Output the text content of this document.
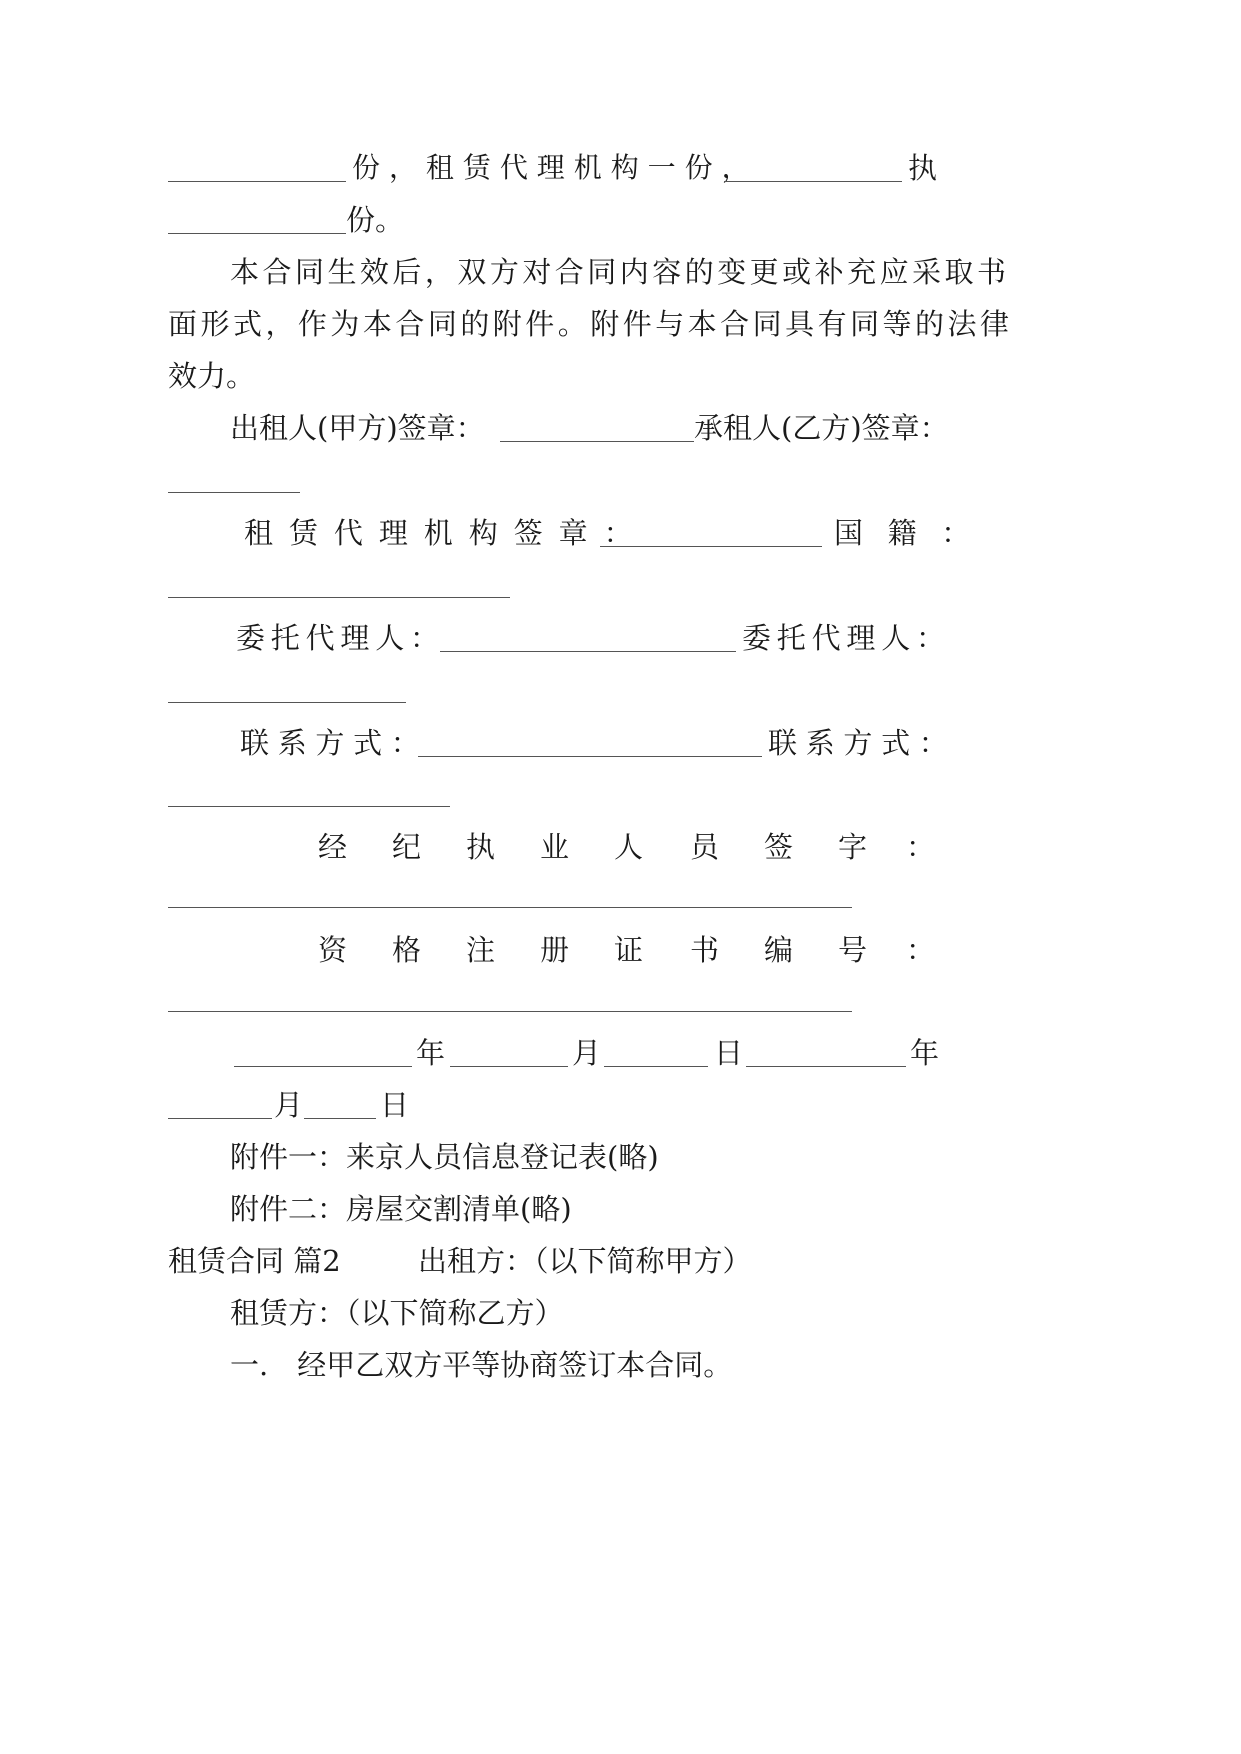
份，租赁代理机构一份，	执
份。
本合同生效后，双方对合同内容的变更或补充应采取书
面形式，作为本合同的附件。附件与本合同具有同等的法律
效力。
出租人(甲方)签章：	承租人(乙方)签章：
租赁代理机构签章：	国籍：
委托代理人：	委托代理人：
联系方式：	联系方式：
经 纪 执 业 人 员 签 字 ：
资 格 注 册 证 书 编 号 ：
年	月	日	年
月	日
附件一：来京人员信息登记表(略)
附件二：房屋交割清单(略)
租赁合同 篇2	出租方：（以下简称甲方）
租赁方：（以下简称乙方）
一.　经甲乙双方平等协商签订本合同。
